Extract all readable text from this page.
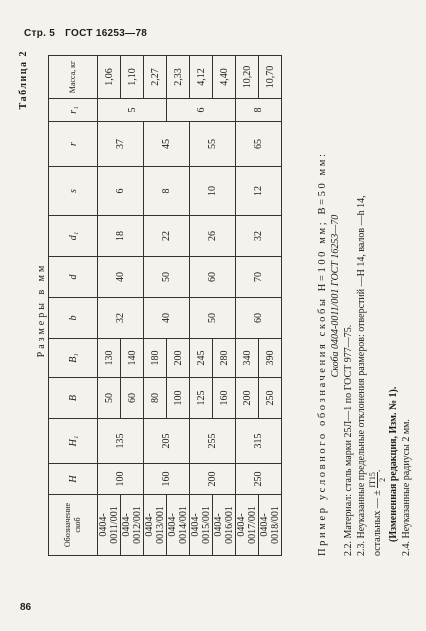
Стр. 5 ГОСТ 16253—78
Таблица 2
Размеры в мм
Обозначение скоб	H	H₁	B	B₁	b	d	d₁	s	r	r₁	Масса, кг
0404-0011/001	100	135	50	130	32	40	18	6	37	5	1,06
0404-0012/001			60	140							1,10
0404-0013/001	160	205	80	180	40	50	22	8	45		2,27
0404-0014/001			100	200						6	2,33
0404-0015/001	200	255	125	245	50	60	26	10	55		4,12
0404-0016/001			160	280							4,40
0404-0017/001	250	315	200	340	60	70	32	12	65	8	10,20
0404-0018/001			250	390							10,70

Пример условного обозначения скобы H=100 мм; B=50 мм: Скоба 0404-0011/001 ГОСТ 16253—70

2.2. Материал: сталь марки 25Л—1 по ГОСТ 977—75. 2.3. Неуказанные предельные отклонения размеров: отверстий —H 14, валов —h 14, остальных — ±
IT15 2
. (Измененная редакция, Изм. № 1). 2.4. Неуказанные радиусы 2 мм.

86
